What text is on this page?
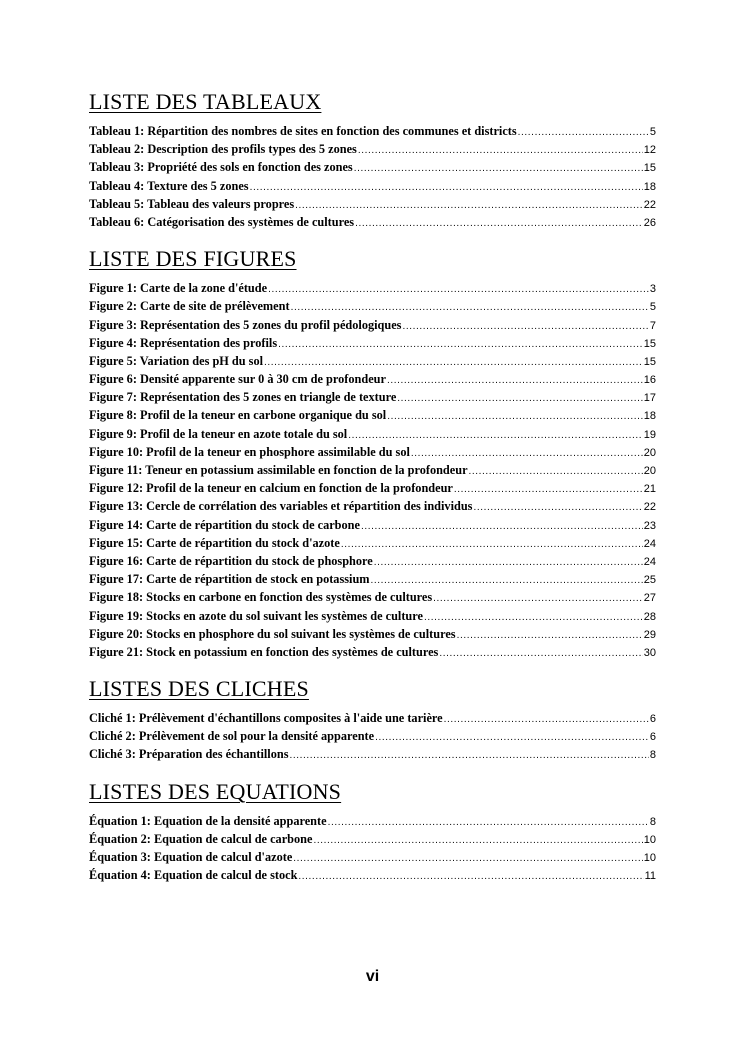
LISTE DES TABLEAUX
Tableau 1: Répartition des nombres de sites en fonction des communes et districts .....	5
Tableau 2: Description des profils types des 5 zones .....	12
Tableau 3: Propriété des sols en fonction des zones .....	15
Tableau 4: Texture des 5 zones .....	18
Tableau 5: Tableau des valeurs propres .....	22
Tableau 6: Catégorisation des systèmes de cultures .....	26
LISTE DES FIGURES
Figure 1: Carte de la zone d'étude .....	3
Figure 2: Carte de site de prélèvement .....	5
Figure 3: Représentation des 5 zones du profil pédologiques .....	7
Figure 4: Représentation des profils .....	15
Figure 5: Variation des pH du sol .....	15
Figure 6: Densité apparente sur 0 à 30 cm de profondeur .....	16
Figure 7: Représentation des 5 zones en triangle de texture .....	17
Figure 8: Profil de la teneur en carbone organique du sol .....	18
Figure 9: Profil de la teneur en azote totale du sol .....	19
Figure 10: Profil de la teneur en phosphore assimilable du sol .....	20
Figure 11: Teneur en potassium assimilable en fonction de la profondeur .....	20
Figure 12: Profil de la teneur en calcium en fonction de la profondeur .....	21
Figure 13: Cercle de corrélation des variables et répartition des individus .....	22
Figure 14: Carte de répartition du stock de carbone .....	23
Figure 15: Carte de répartition du stock d'azote .....	24
Figure 16: Carte de répartition du stock de phosphore .....	24
Figure 17: Carte de répartition de stock en potassium .....	25
Figure 18: Stocks en carbone en fonction des systèmes de cultures .....	27
Figure 19: Stocks en azote du sol suivant les systèmes de culture .....	28
Figure 20: Stocks en phosphore du sol suivant les systèmes de cultures .....	29
Figure 21: Stock en potassium en fonction des systèmes de cultures .....	30
LISTES DES CLICHES
Cliché 1: Prélèvement d'échantillons composites à l'aide une tarière .....	6
Cliché 2: Prélèvement de sol pour la densité apparente .....	6
Cliché 3: Préparation des échantillons .....	8
LISTES DES EQUATIONS
Équation 1: Equation de la densité apparente .....	8
Équation 2: Equation de calcul de carbone .....	10
Équation 3: Equation de calcul d'azote .....	10
Équation 4: Equation de calcul de stock .....	11
vi
